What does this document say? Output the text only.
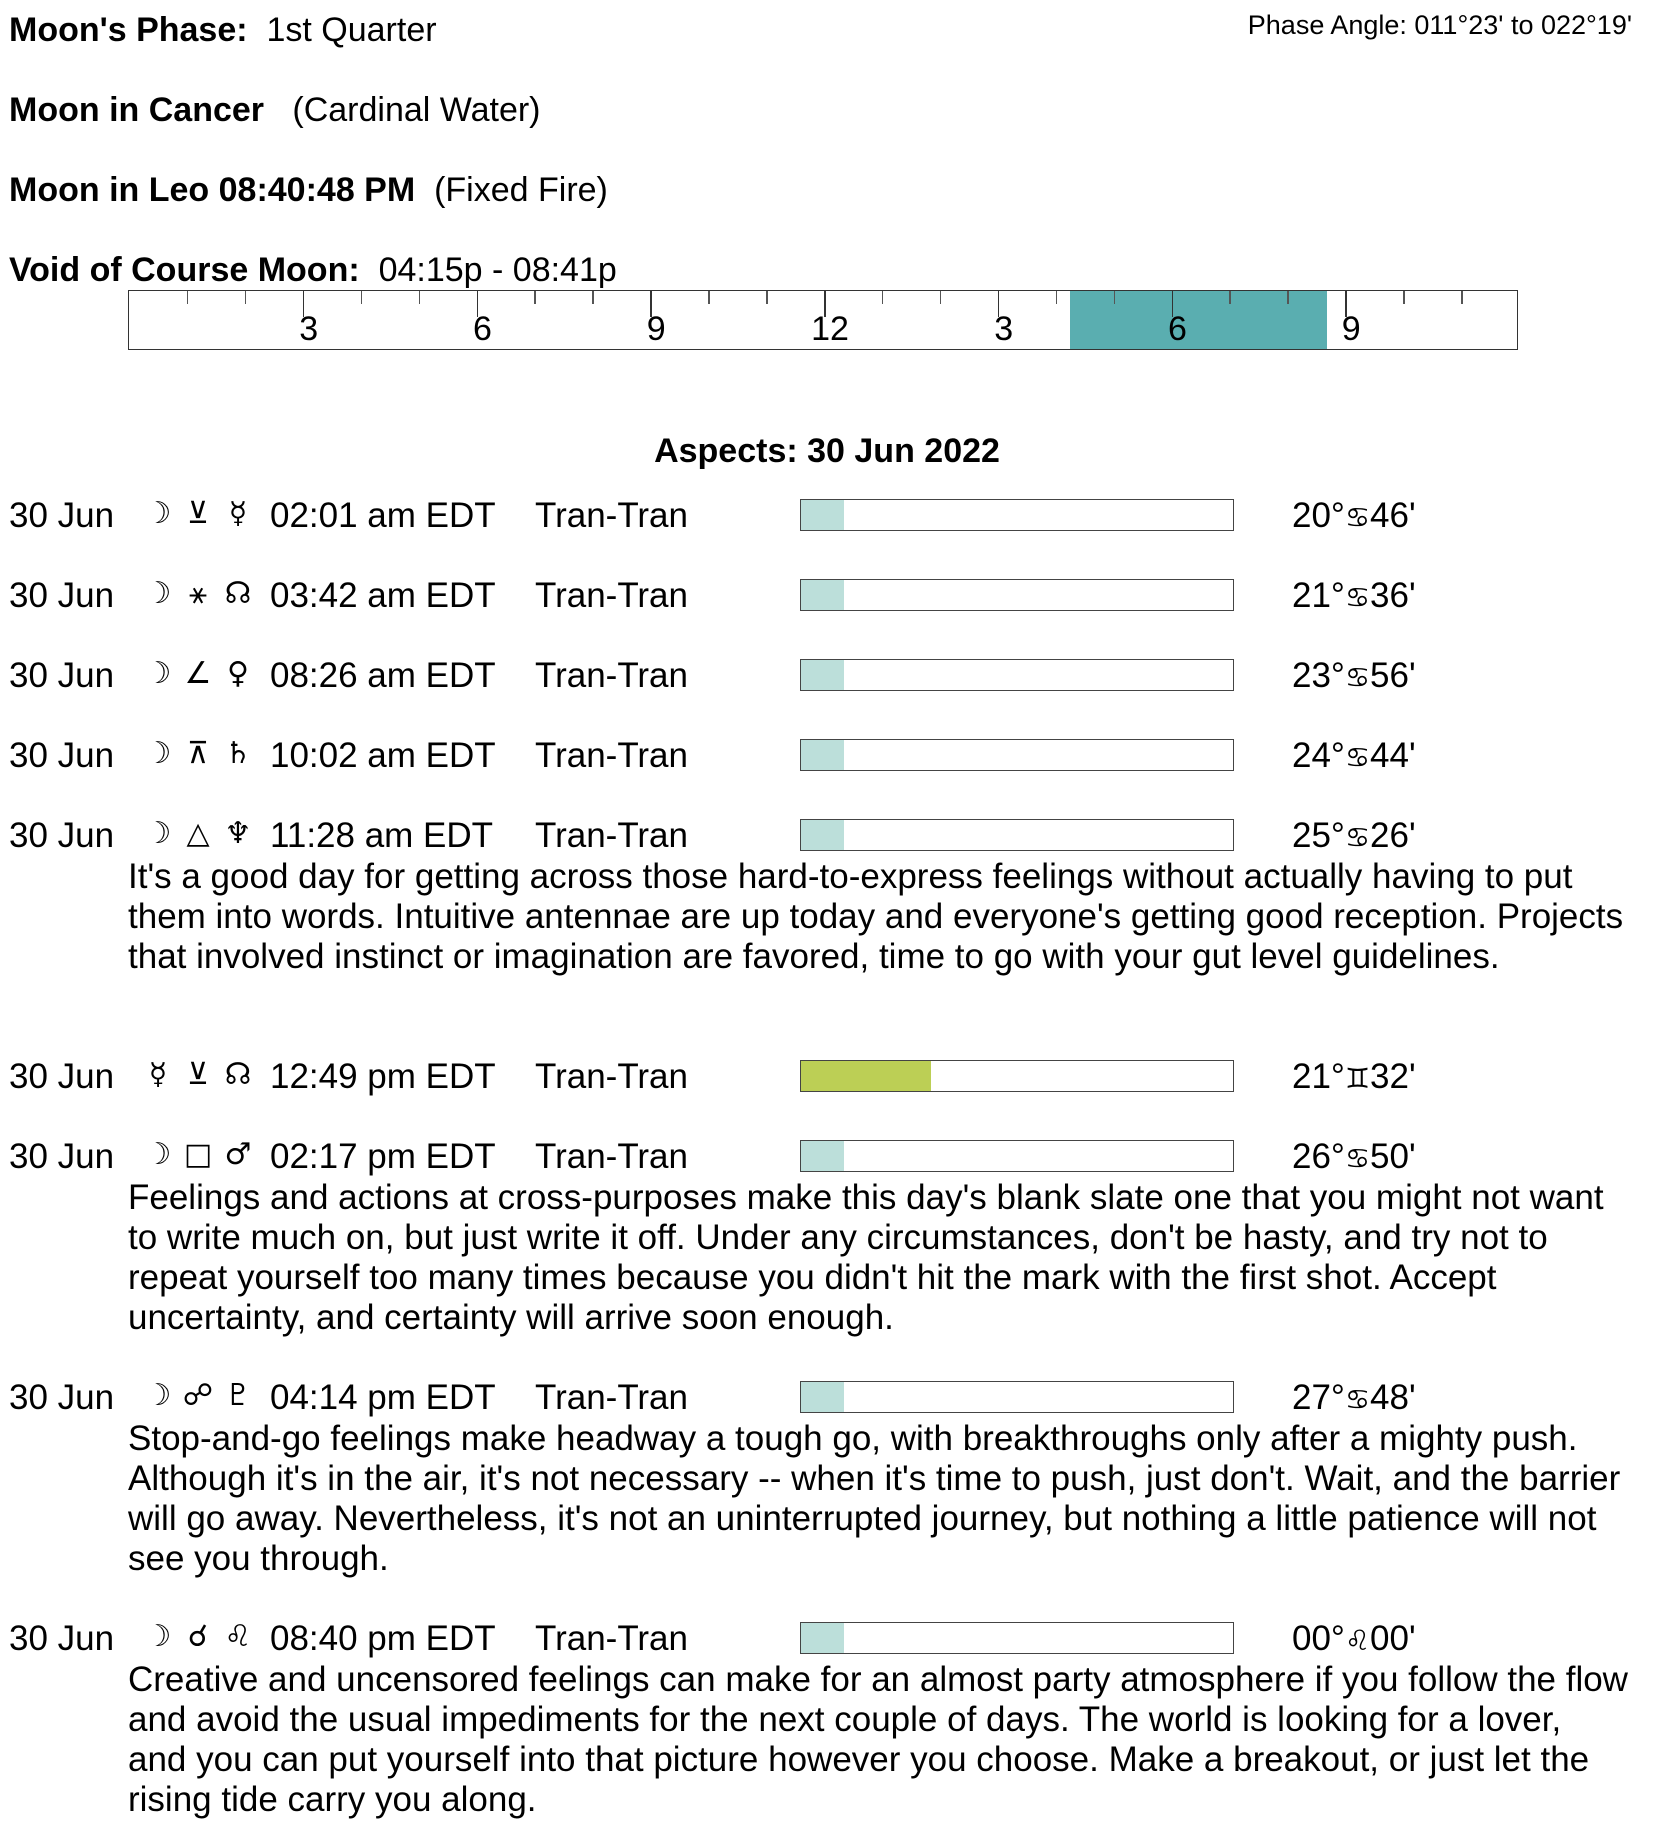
Moon's Phase: 1st Quarter	Phase Angle: 011°23' to 022°19'
Moon in Cancer (Cardinal Water)
Moon in Leo 08:40:48 PM (Fixed Fire)
Void of Course Moon: 04:15p - 08:41p
3	6	9	12	3	6	9
Aspects: 30 Jun 2022
30 Jun ☽ ⊻ ☿ 02:01 am EDT Tran-Tran	20°♋46'
30 Jun ☽ ⚹ ☊ 03:42 am EDT Tran-Tran	21°♋36'
30 Jun ☽ ∠ ♀ 08:26 am EDT Tran-Tran	23°♋56'
30 Jun ☽ ⊼ ♄ 10:02 am EDT Tran-Tran	24°♋44'
30 Jun ☽ △ ♆ 11:28 am EDT Tran-Tran	25°♋26'
It's a good day for getting across those hard-to-express feelings without actually having to put them into words. Intuitive antennae are up today and everyone's getting good reception. Projects that involved instinct or imagination are favored, time to go with your gut level guidelines.
30 Jun	☿ ⊻ ☊ 12:49 pm EDT Tran-Tran	21°♊32'
30 Jun ☽ □ ♂ 02:17 pm EDT Tran-Tran	26°♋50'
Feelings and actions at cross-purposes make this day's blank slate one that you might not want to write much on, but just write it off. Under any circumstances, don't be hasty, and try not to repeat yourself too many times because you didn't hit the mark with the first shot. Accept uncertainty, and certainty will arrive soon enough.
30 Jun ☽ ☍ ♇ 04:14 pm EDT Tran-Tran	27°♋48'
Stop-and-go feelings make headway a tough go, with breakthroughs only after a mighty push. Although it's in the air, it's not necessary -- when it's time to push, just don't. Wait, and the barrier will go away. Nevertheless, it's not an uninterrupted journey, but nothing a little patience will not see you through.
30 Jun ☽ ☌ ♌ 08:40 pm EDT Tran-Tran	00°♌00'
Creative and uncensored feelings can make for an almost party atmosphere if you follow the flow and avoid the usual impediments for the next couple of days. The world is looking for a lover, and you can put yourself into that picture however you choose. Make a breakout, or just let the rising tide carry you along.
